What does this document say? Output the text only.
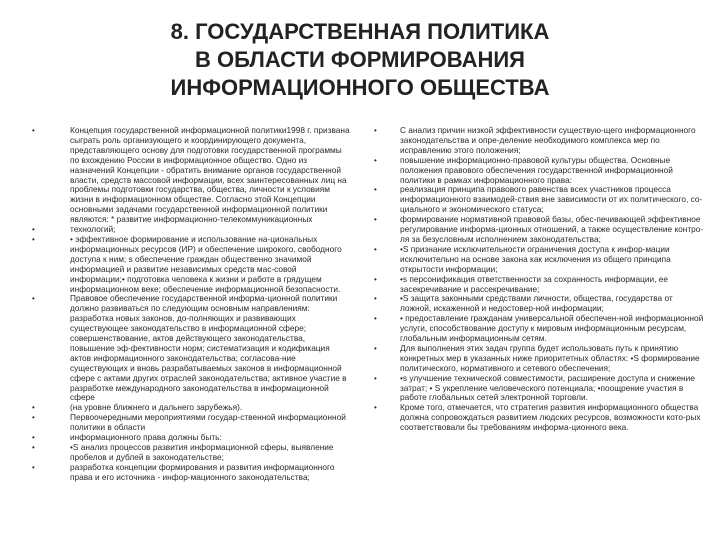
8. ГОСУДАРСТВЕННАЯ ПОЛИТИКА
В ОБЛАСТИ ФОРМИРОВАНИЯ
ИНФОРМАЦИОННОГО ОБЩЕСТВА
•	Концепция государственной информационной политики1998 г. призвана сыграть роль организующего и координирующего документа, представляющего основу для подготовки государственной программы по вхождению России в информационное общество. Одно из назначений Концепции - обратить внимание органов государственной власти, средств массовой информации, всех заинтересованных лиц на проблемы подготовки государства, общества, личности к условиям жизни в информационном обществе. Согласно этой Концепции основными задачами государственной информационной политики являются: * развитие информационно-телекоммуникационных

•	технологий;

•	• эффективное формирование и использование на-циональных информационных ресурсов (ИР) и обеспечение широкого, свободного доступа к ним; s обеспечение граждан общественно значимой информацией и развитие независимых средств мас-совой информации;• подготовка человека к жизни и работе в грядущем информационном веке; обеспечение информационной безопасности.

•	Правовое обеспечение государственной информа-ционной политики должно развиваться по следующим основным направлениям: разработка новых законов, до-полняющих и развивающих существующее законодательство в информационной сфере; совершенствование, актов действующего законодательства, повышение эф-фективности норм; систематизация и кодификация актов информационного законодательства; согласова-ние существующих и вновь разрабатываемых законов в информационной сфере с актами других отраслей законодательства; активное участие в разработке международного законодательства в информационной сфере

•	(на уровне ближнего и дальнего зарубежья).

•	Первоочередными мероприятиями государ-ственной информационной политики в области

•	информационного права должны быть:

•	•S анализ процессов развития информационной сферы, выявление пробелов и дублей в законодательстве;

•	разработка концепции формирования и развития информационного права и его источника - инфор-мационного законодательства;

•	С анализ причин низкой эффективности существую-щего информационного законодательства и опре-деление необходимого комплекса мер по исправлению этого положения;

•	повышение информационно-правовой культуры общества. Основные положения правового обеспечения государственной информационной политики в рамках информационного права:

•	реализация принципа правового равенства всех участников процесса информационного взаимодей-ствия вне зависимости от их политического, со-циального и экономического статуса;

•	формирование нормативной правовой базы, обес-печивающей эффективное регулирование информа-ционных отношений, а также осуществление контро-ля за безусловным исполнением законодательства;

•	•S признание исключительности ограничения доступа к инфор-мации исключительно на основе закона как исключения из общего принципа открытости информации;

•	•s персонификация ответственности за сохранность информации, ее засекречивание и рассекречивание;

•	•S защита законными средствами личности, общества, государства от ложной, искаженной и недостовер-ной информации;

•	• предоставление гражданам универсальной обеспечен-ной информационной услуги, способствование доступу к мировым информационным ресурсам, глобальным информационным сетям.

•	Для выполнения этих задач группа будет использовать путь к принятию конкретных мер в указанных ниже приоритетных областях: •S формирование политического, нормативного и сетевого обеспечения;

•	•s улучшение технической совместимости, расширение доступа и снижение затрат; • S укрепление человеческого потенциала; •поощрение участия в работе глобальных сетей электронной торговли.

•	Кроме того, отмечается, что стратегия развития информационного общества должна сопровождаться развитием людских ресурсов, возможности кото-рых соответствовали бы требованиям информа-ционного века.
